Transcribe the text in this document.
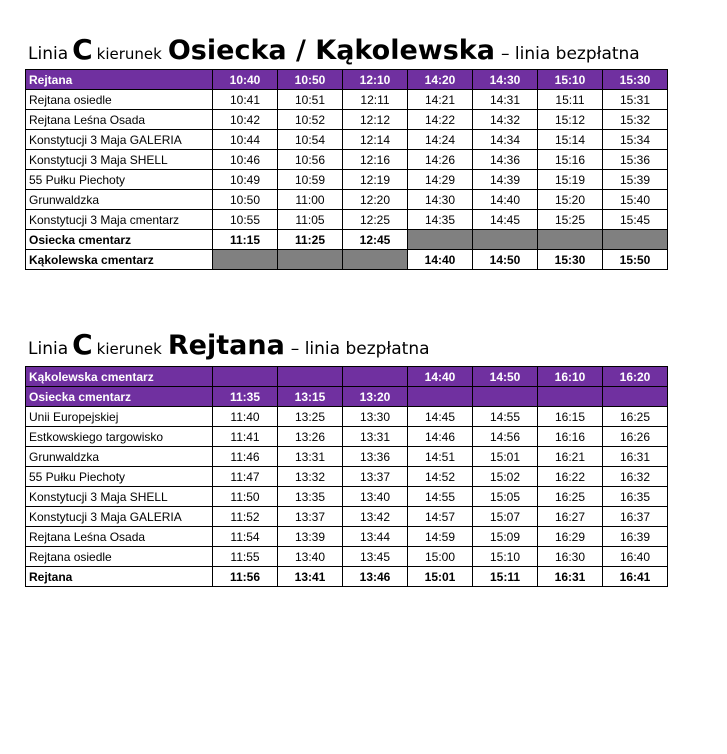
Linia C kierunek Osiecka / Kąkolewska – linia bezpłatna
Rejtana	10:40	10:50	12:10	14:20	14:30	15:10	15:30
Rejtana osiedle	10:41	10:51	12:11	14:21	14:31	15:11	15:31
Rejtana Leśna Osada	10:42	10:52	12:12	14:22	14:32	15:12	15:32
Konstytucji 3 Maja GALERIA	10:44	10:54	12:14	14:24	14:34	15:14	15:34
Konstytucji 3 Maja SHELL	10:46	10:56	12:16	14:26	14:36	15:16	15:36
55 Pułku Piechoty	10:49	10:59	12:19	14:29	14:39	15:19	15:39
Grunwaldzka	10:50	11:00	12:20	14:30	14:40	15:20	15:40
Konstytucji 3 Maja cmentarz	10:55	11:05	12:25	14:35	14:45	15:25	15:45
Osiecka cmentarz	11:15	11:25	12:45				
Kąkolewska cmentarz				14:40	14:50	15:30	15:50
Linia C kierunek Rejtana – linia bezpłatna
Kąkolewska cmentarz				14:40	14:50	16:10	16:20
Osiecka cmentarz	11:35	13:15	13:20				
Unii Europejskiej	11:40	13:25	13:30	14:45	14:55	16:15	16:25
Estkowskiego targowisko	11:41	13:26	13:31	14:46	14:56	16:16	16:26
Grunwaldzka	11:46	13:31	13:36	14:51	15:01	16:21	16:31
55 Pułku Piechoty	11:47	13:32	13:37	14:52	15:02	16:22	16:32
Konstytucji 3 Maja SHELL	11:50	13:35	13:40	14:55	15:05	16:25	16:35
Konstytucji 3 Maja GALERIA	11:52	13:37	13:42	14:57	15:07	16:27	16:37
Rejtana Leśna Osada	11:54	13:39	13:44	14:59	15:09	16:29	16:39
Rejtana osiedle	11:55	13:40	13:45	15:00	15:10	16:30	16:40
Rejtana	11:56	13:41	13:46	15:01	15:11	16:31	16:41
